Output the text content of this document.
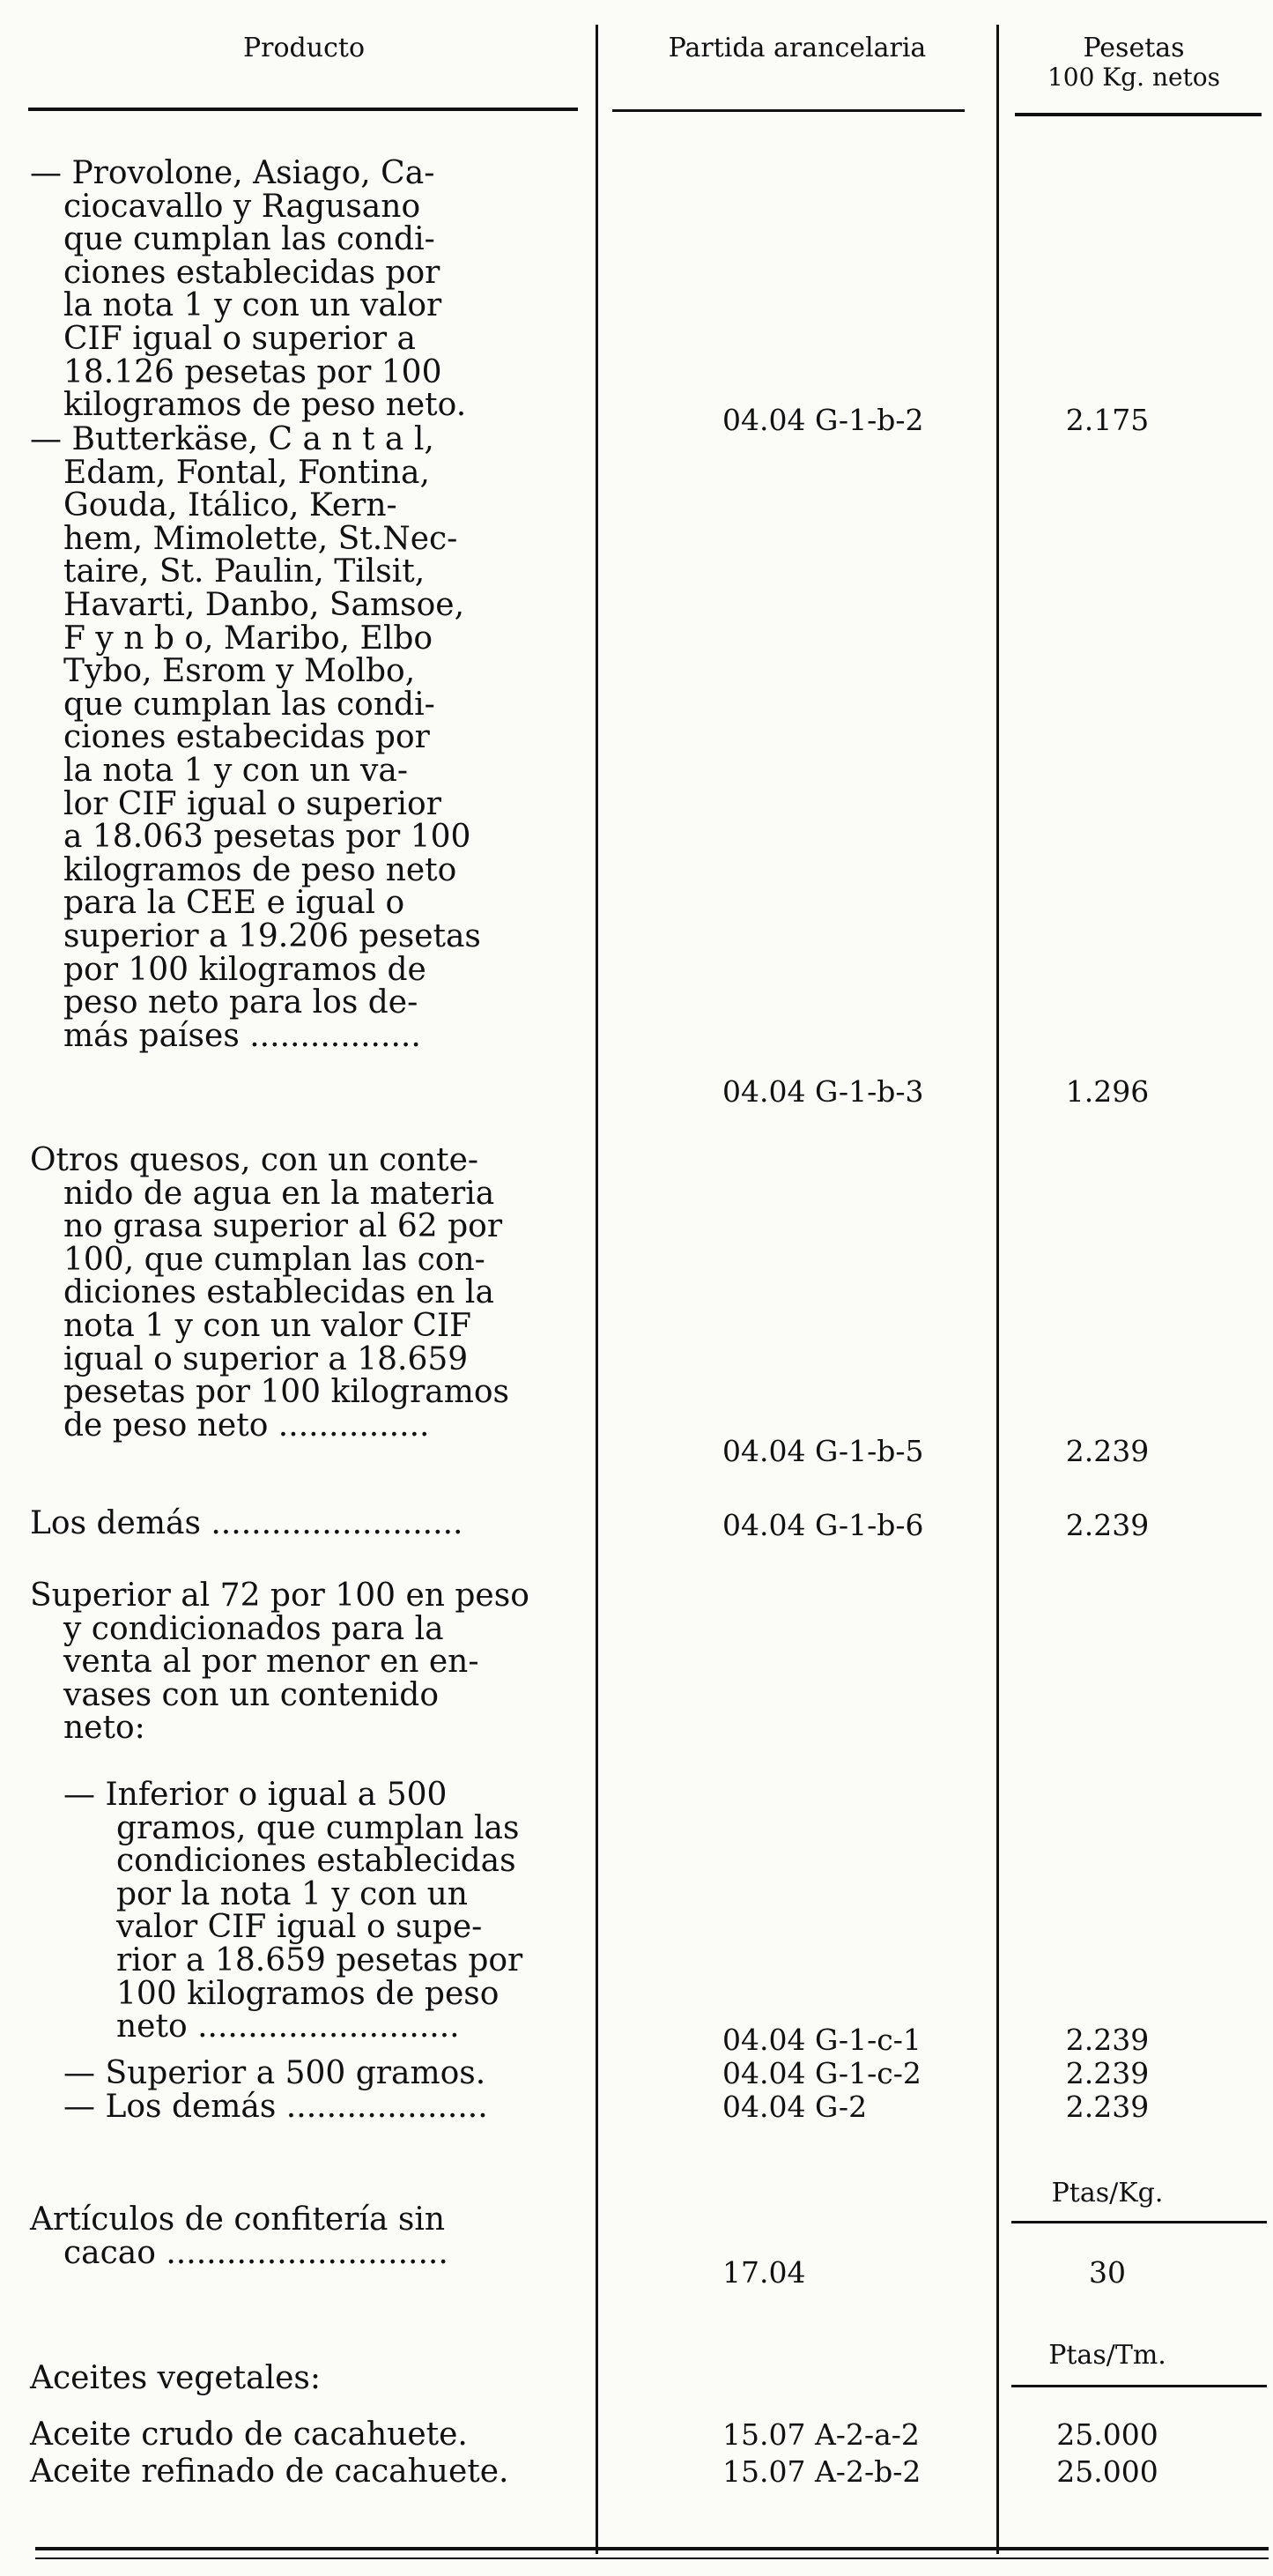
Producto	Partida arancelaria	Pesetas
100 Kg. netos
— Provolone, Asiago, Ca-
ciocavallo y Ragusano
que cumplan las condi-
ciones establecidas por
la nota 1 y con un valor
CIF igual o superior a
18.126 pesetas por 100
kilogramos de peso neto.	04.04 G-1-b-2	2.175
— Butterkäse, C a n t a l,
Edam, Fontal, Fontina,
Gouda, Itálico, Kern-
hem, Mimolette, St.Nec-
taire, St. Paulin, Tilsit,
Havarti, Danbo, Samsoe,
F y n b o, Maribo, Elbo
Tybo, Esrom y Molbo,
que cumplan las condi-
ciones estabecidas por
la nota 1 y con un va-
lor CIF igual o superior
a 18.063 pesetas por 100
kilogramos de peso neto
para la CEE e igual o
superior a 19.206 pesetas
por 100 kilogramos de
peso neto para los de-
más países .................
04.04 G-1-b-3	1.296
Otros quesos, con un conte-
nido de agua en la materia
no grasa superior al 62 por
100, que cumplan las con-
diciones establecidas en la
nota 1 y con un valor CIF
igual o superior a 18.659
pesetas por 100 kilogramos
de peso neto ...............
04.04 G-1-b-5	2.239
Los demás .........................	04.04 G-1-b-6	2.239
Superior al 72 por 100 en peso
y condicionados para la
venta al por menor en en-
vases con un contenido
neto:
— Inferior o igual a 500
gramos, que cumplan las
condiciones establecidas
por la nota 1 y con un
valor CIF igual o supe-
rior a 18.659 pesetas por
100 kilogramos de peso
neto ..........................	04.04 G-1-c-1	2.239
— Superior a 500 gramos.	04.04 G-1-c-2	2.239
— Los demás ....................	04.04 G-2	2.239
Ptas/Kg.
Artículos de confitería sin
cacao ............................
17.04	30
Ptas/Tm.
Aceites vegetales:
Aceite crudo de cacahuete.	15.07 A-2-a-2	25.000
Aceite refinado de cacahuete.	15.07 A-2-b-2	25.000
